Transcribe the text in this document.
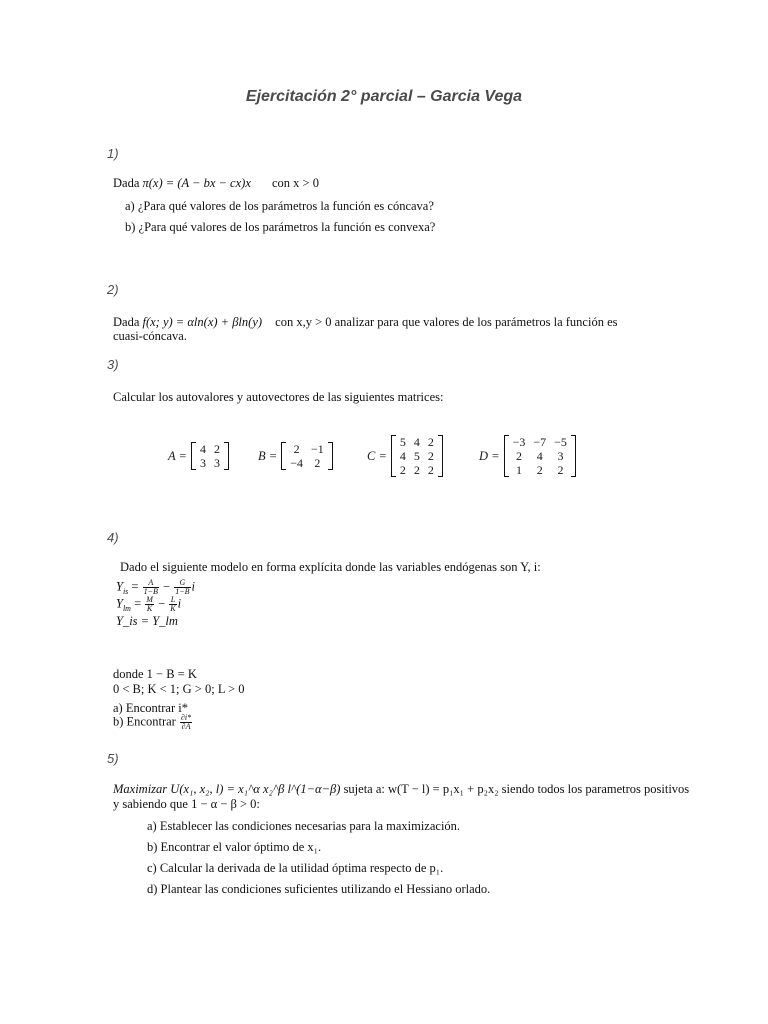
Ejercitación 2° parcial – Garcia Vega
1)
Dada π(x) = (A − bx − cx)x con x > 0
a) ¿Para qué valores de los parámetros la función es cóncava?
b) ¿Para qué valores de los parámetros la función es convexa?
2)
Dada f(x; y) = αln(x) + βln(y) con x,y > 0 analizar para que valores de los parámetros la función es
cuasi-cóncava.
3)
Calcular los autovalores y autovectores de las siguientes matrices:
A = 4	2
3	3
B = 2	−1
−4	2
C =
5	4	2
4	5	2
2	2	2
D =
−3	−7	−5
2	4	3
1	2	2
4)
Dado el siguiente modelo en forma explícita donde las variables endógenas son Y, i:
$Y_{is} = \frac{A}{1-B} - \frac{G}{1-B}$ i
$Y_{lm} = \frac{M}{K} - \frac{L}{K}$ i
Y_is = Y_lm
donde 1 − B = K
0 < B; K < 1; G > 0; L > 0
a) Encontrar i*
b) Encontrar $\frac{\partial i*}{\partial A}$
5)
Maximizar U(x₁, x₂, l) = x₁^α x₂^β l^(1−α−β) sujeta a: w(T − l) = p₁x₁ + p₂x₂ siendo todos los parametros positivos
y sabiendo que 1 − α − β > 0:
a) Establecer las condiciones necesarias para la maximización.
b) Encontrar el valor óptimo de x₁.
c) Calcular la derivada de la utilidad óptima respecto de p₁.
d) Plantear las condiciones suficientes utilizando el Hessiano orlado.
